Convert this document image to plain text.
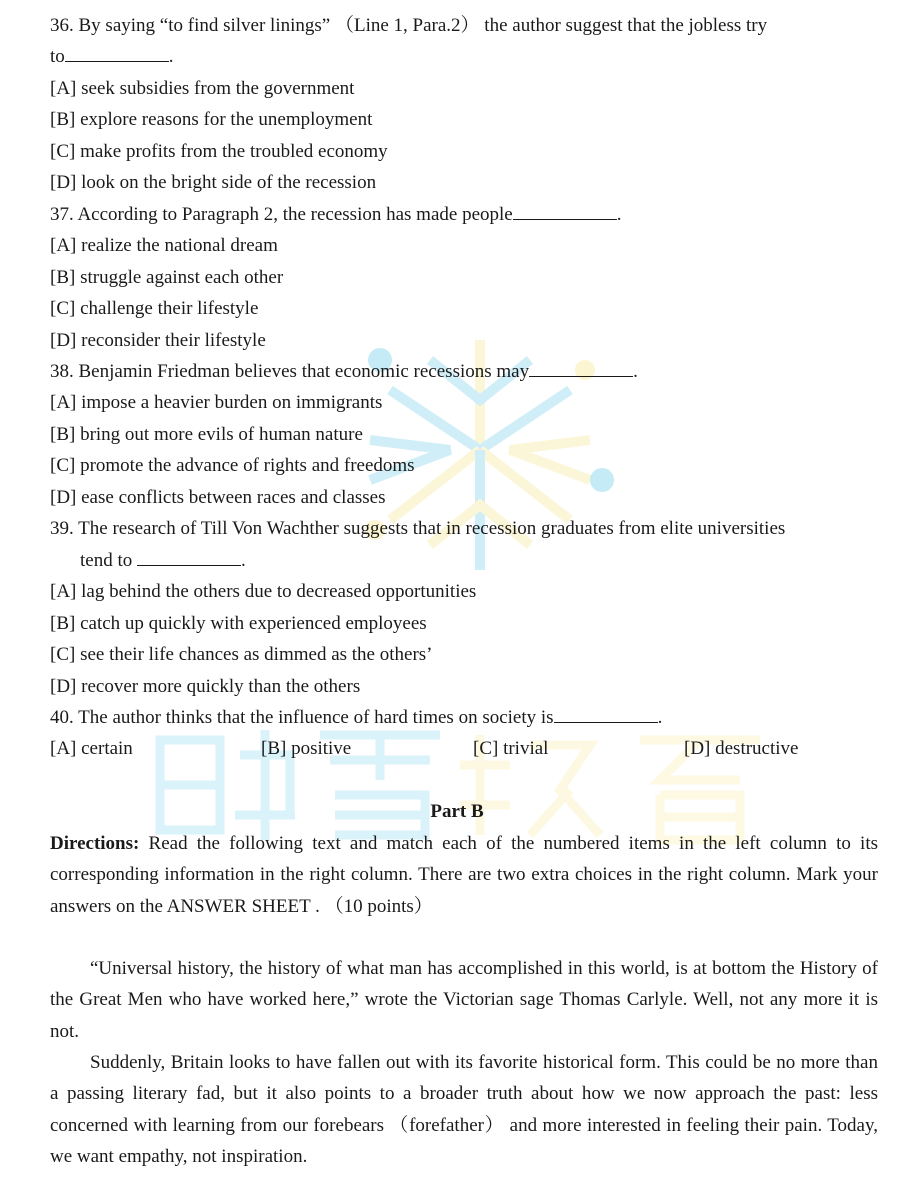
36. By saying “to find silver linings” （Line 1, Para.2） the author suggest that the jobless try
to	.
[A] seek subsidies from the government
[B] explore reasons for the unemployment
[C] make profits from the troubled economy
[D] look on the bright side of the recession
37. According to Paragraph 2, the recession has made people	.
[A] realize the national dream
[B] struggle against each other
[C] challenge their lifestyle
[D] reconsider their lifestyle
38. Benjamin Friedman believes that economic recessions may	.
[A] impose a heavier burden on immigrants
[B] bring out more evils of human nature
[C] promote the advance of rights and freedoms
[D] ease conflicts between races and classes
39. The research of Till Von Wachther suggests that in recession graduates from elite universities
tend to	.
[A] lag behind the others due to decreased opportunities
[B] catch up quickly with experienced employees
[C] see their life chances as dimmed as the others’
[D] recover more quickly than the others
40. The author thinks that the influence of hard times on society is	.
[A] certain	[B] positive	[C] trivial	[D] destructive
Part B
Directions: Read the following text and match each of the numbered items in the left column to its corresponding information in the right column. There are two extra choices in the right column. Mark your answers on the ANSWER SHEET . （10 points）
“Universal history, the history of what man has accomplished in this world, is at bottom the History of the Great Men who have worked here,” wrote the Victorian sage Thomas Carlyle. Well, not any more it is not.
Suddenly, Britain looks to have fallen out with its favorite historical form. This could be no more than a passing literary fad, but it also points to a broader truth about how we now approach the past: less concerned with learning from our forebears （forefather） and more interested in feeling their pain. Today, we want empathy, not inspiration.
